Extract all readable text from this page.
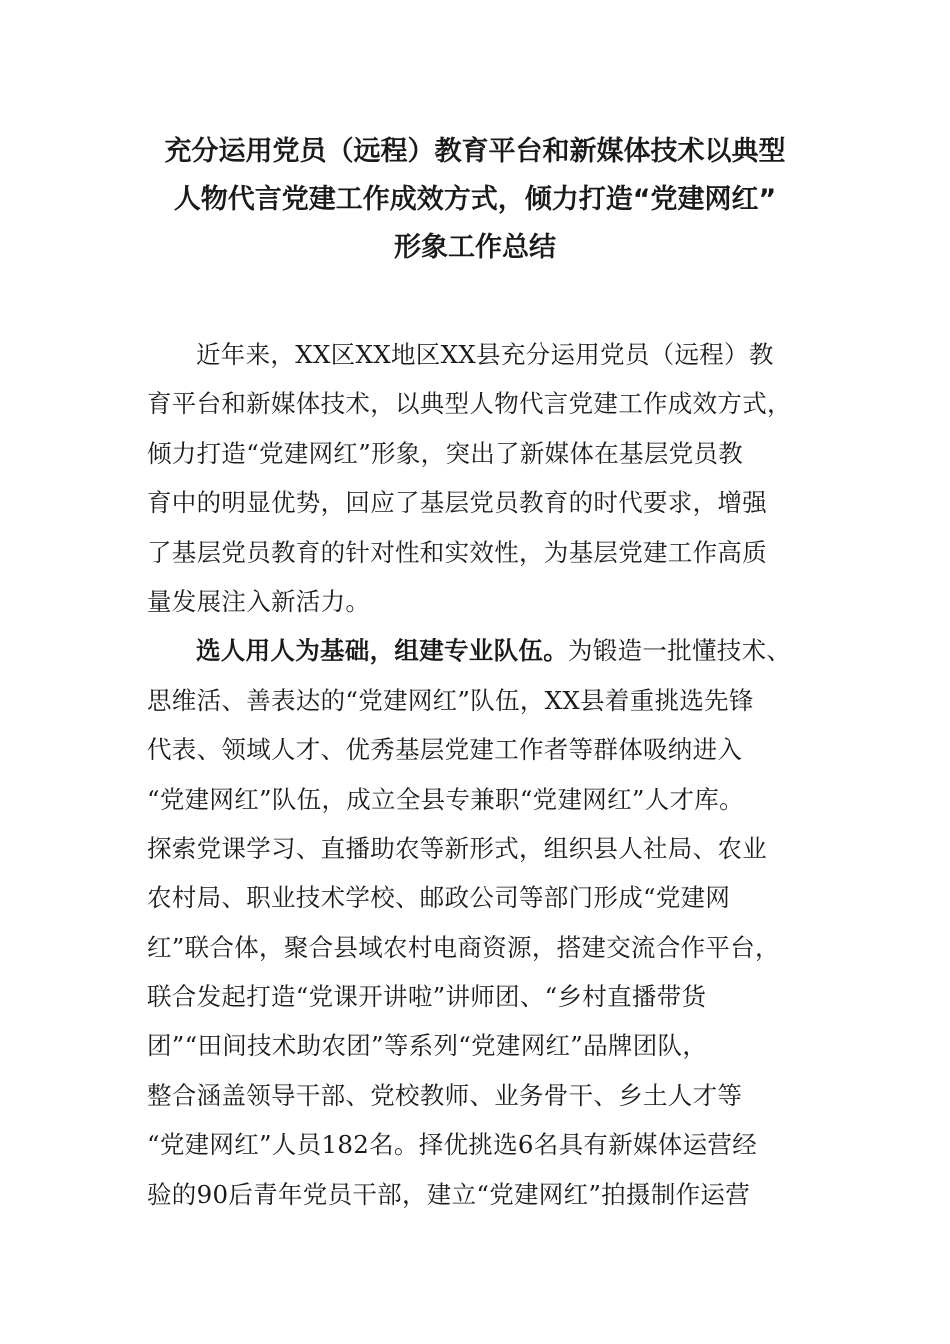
充分运用党员（远程）教育平台和新媒体技术以典型
人物代言党建工作成效方式，倾力打造“党建网红”
形象工作总结
近年来，XX区XX地区XX县充分运用党员（远程）教
育平台和新媒体技术，以典型人物代言党建工作成效方式，
倾力打造“党建网红”形象，突出了新媒体在基层党员教
育中的明显优势，回应了基层党员教育的时代要求，增强
了基层党员教育的针对性和实效性，为基层党建工作高质
量发展注入新活力。
选人用人为基础，组建专业队伍。为锻造一批懂技术、
思维活、善表达的“党建网红”队伍，XX县着重挑选先锋
代表、领域人才、优秀基层党建工作者等群体吸纳进入
“党建网红”队伍，成立全县专兼职“党建网红”人才库。
探索党课学习、直播助农等新形式，组织县人社局、农业
农村局、职业技术学校、邮政公司等部门形成“党建网
红”联合体，聚合县域农村电商资源，搭建交流合作平台，
联合发起打造“党课开讲啦”讲师团、“乡村直播带货
团”“田间技术助农团”等系列“党建网红”品牌团队，
整合涵盖领导干部、党校教师、业务骨干、乡土人才等
“党建网红”人员182名。择优挑选6名具有新媒体运营经
验的90后青年党员干部，建立“党建网红”拍摄制作运营
